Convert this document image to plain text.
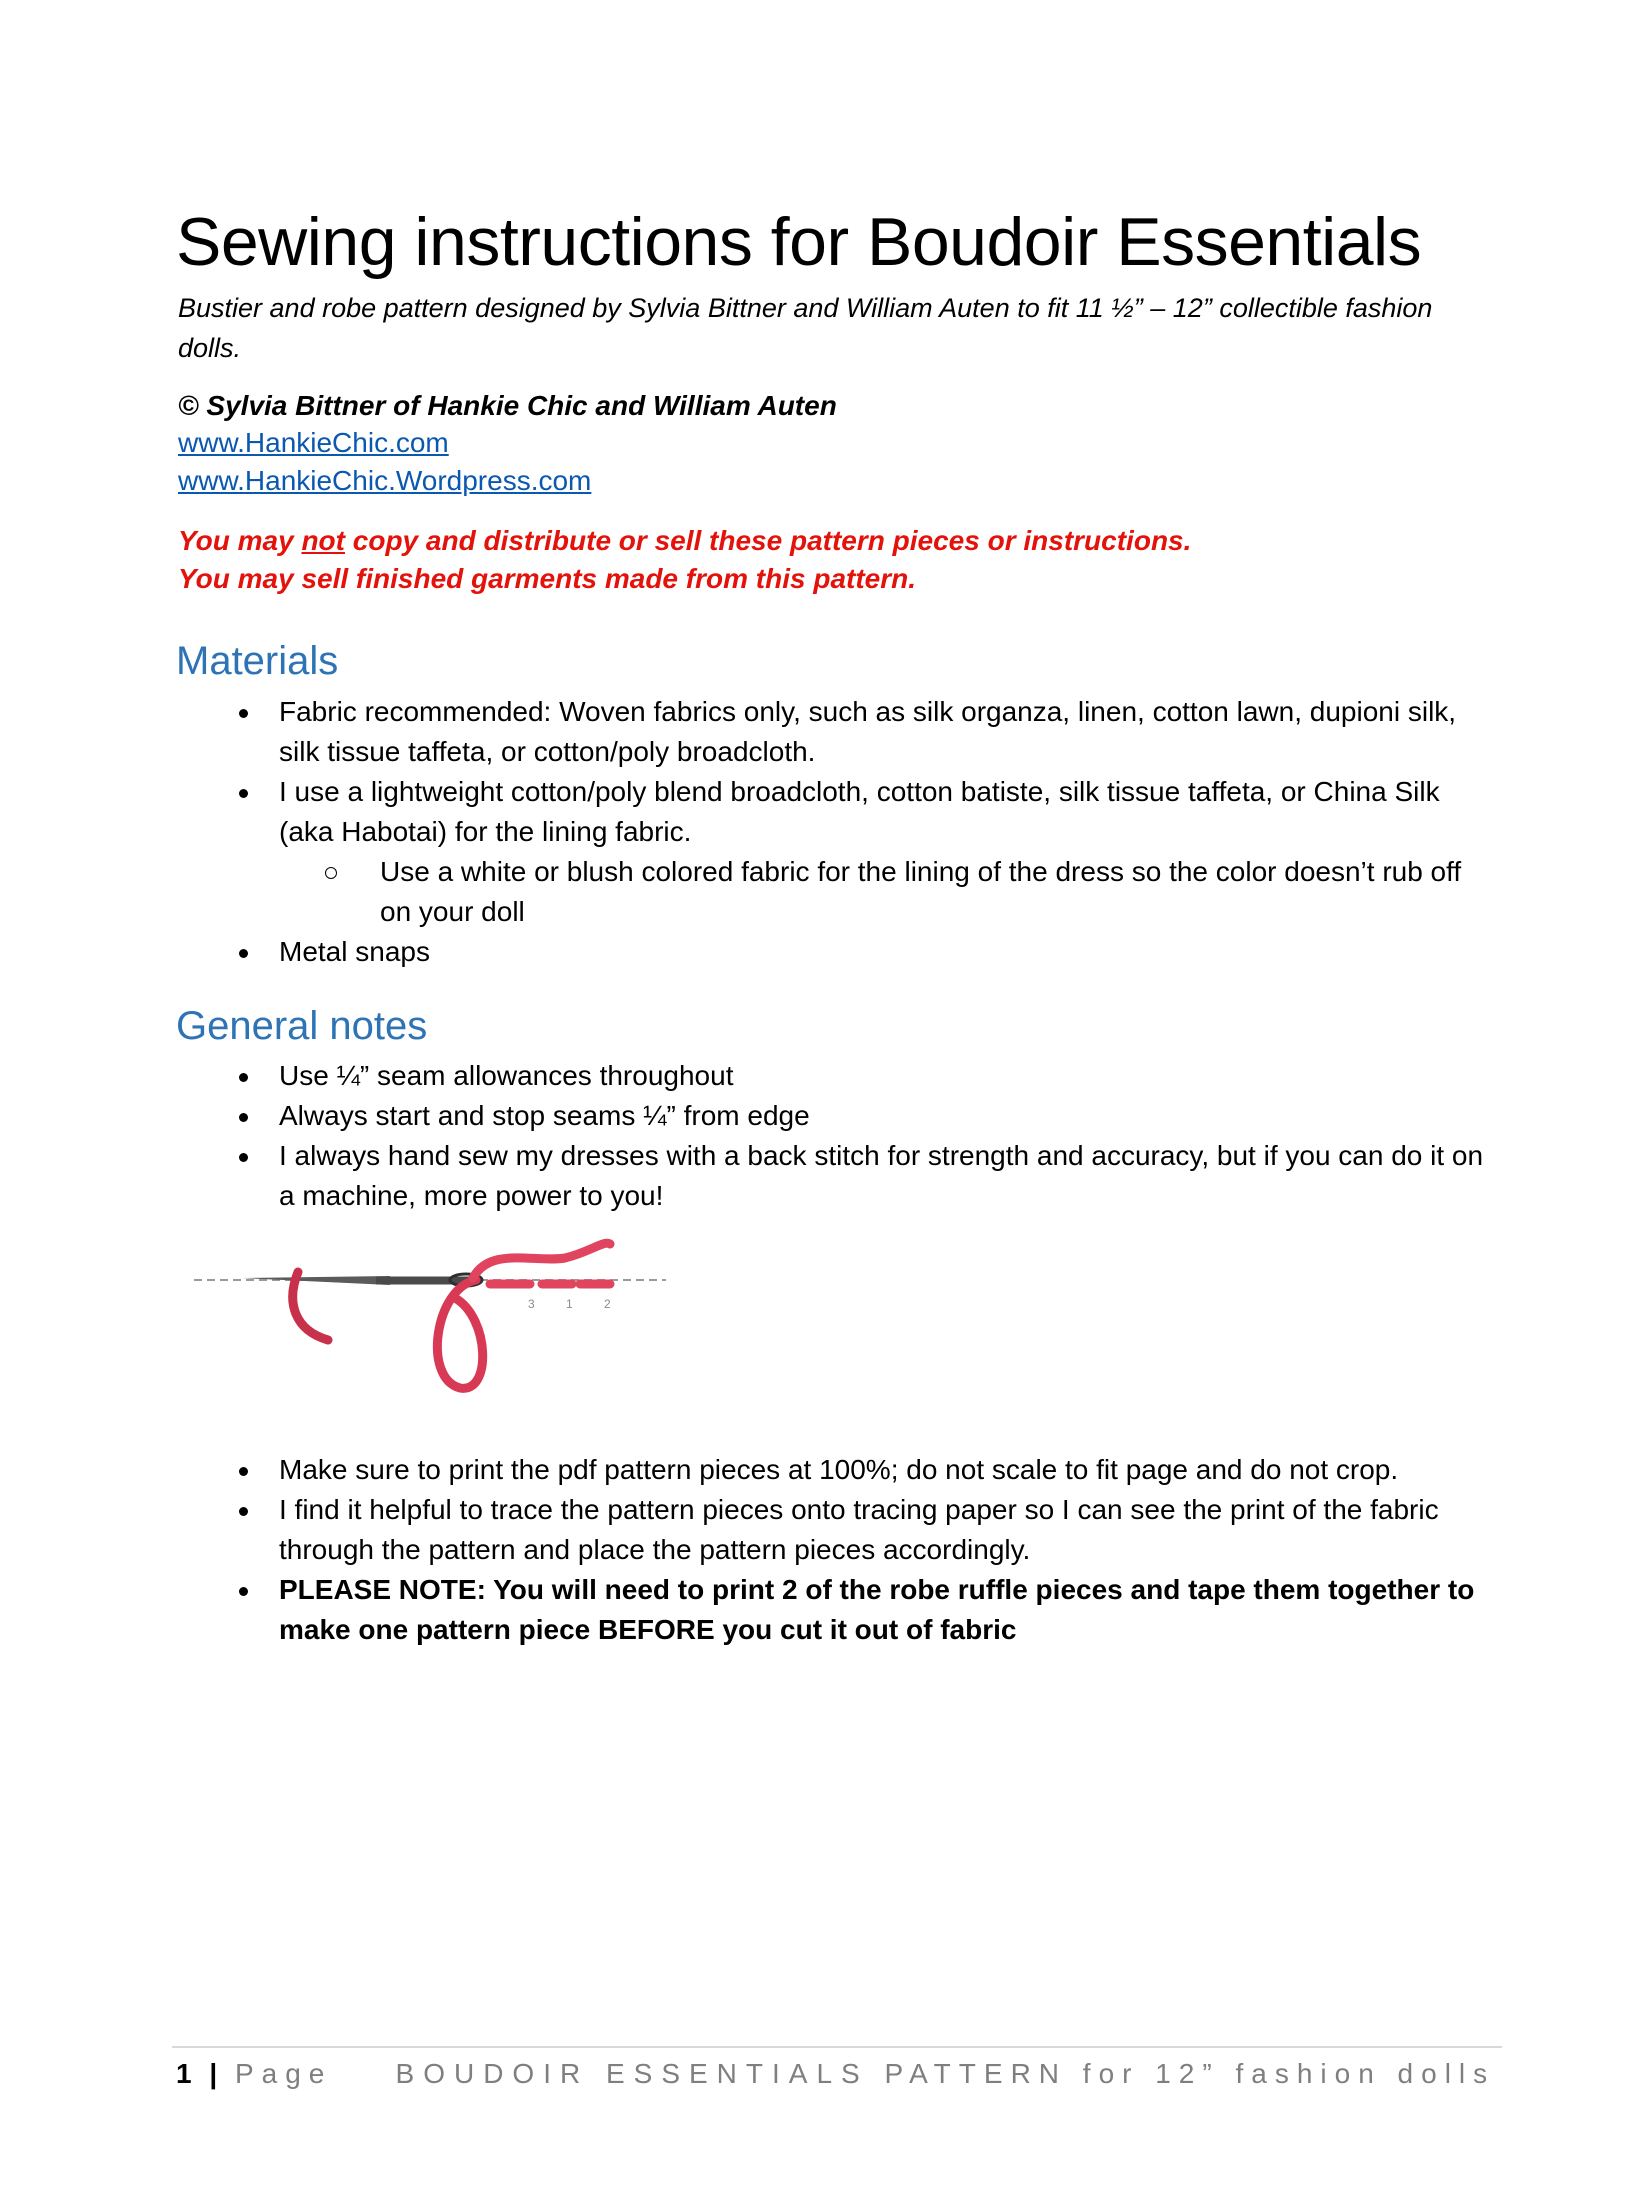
Sewing instructions for Boudoir Essentials

Bustier and robe pattern designed by Sylvia Bittner and William Auten to fit 11 ½” – 12” collectible fashion dolls.

© Sylvia Bittner of Hankie Chic and William Auten

www.HankieChic.com
www.HankieChic.Wordpress.com

You may not copy and distribute or sell these pattern pieces or instructions.

You may sell finished garments made from this pattern.

Materials
Fabric recommended: Woven fabrics only, such as silk organza, linen, cotton lawn, dupioni silk, silk tissue taffeta, or cotton/poly broadcloth.
I use a lightweight cotton/poly blend broadcloth, cotton batiste, silk tissue taffeta, or China Silk (aka Habotai) for the lining fabric.
Use a white or blush colored fabric for the lining of the dress so the color doesn’t rub off on your doll
Metal snaps
General notes
Use ¼” seam allowances throughout
Always start and stop seams ¼” from edge
I always hand sew my dresses with a back stitch for strength and accuracy, but if you can do it on a machine, more power to you!
3	1	2
Make sure to print the pdf pattern pieces at 100%; do not scale to fit page and do not crop.
I find it helpful to trace the pattern pieces onto tracing paper so I can see the print of the fabric through the pattern and place the pattern pieces accordingly.
PLEASE NOTE: You will need to print 2 of the robe ruffle pieces and tape them together to make one pattern piece BEFORE you cut it out of fabric
1 | Page BOUDOIR ESSENTIALS PATTERN for 12” fashion dolls
